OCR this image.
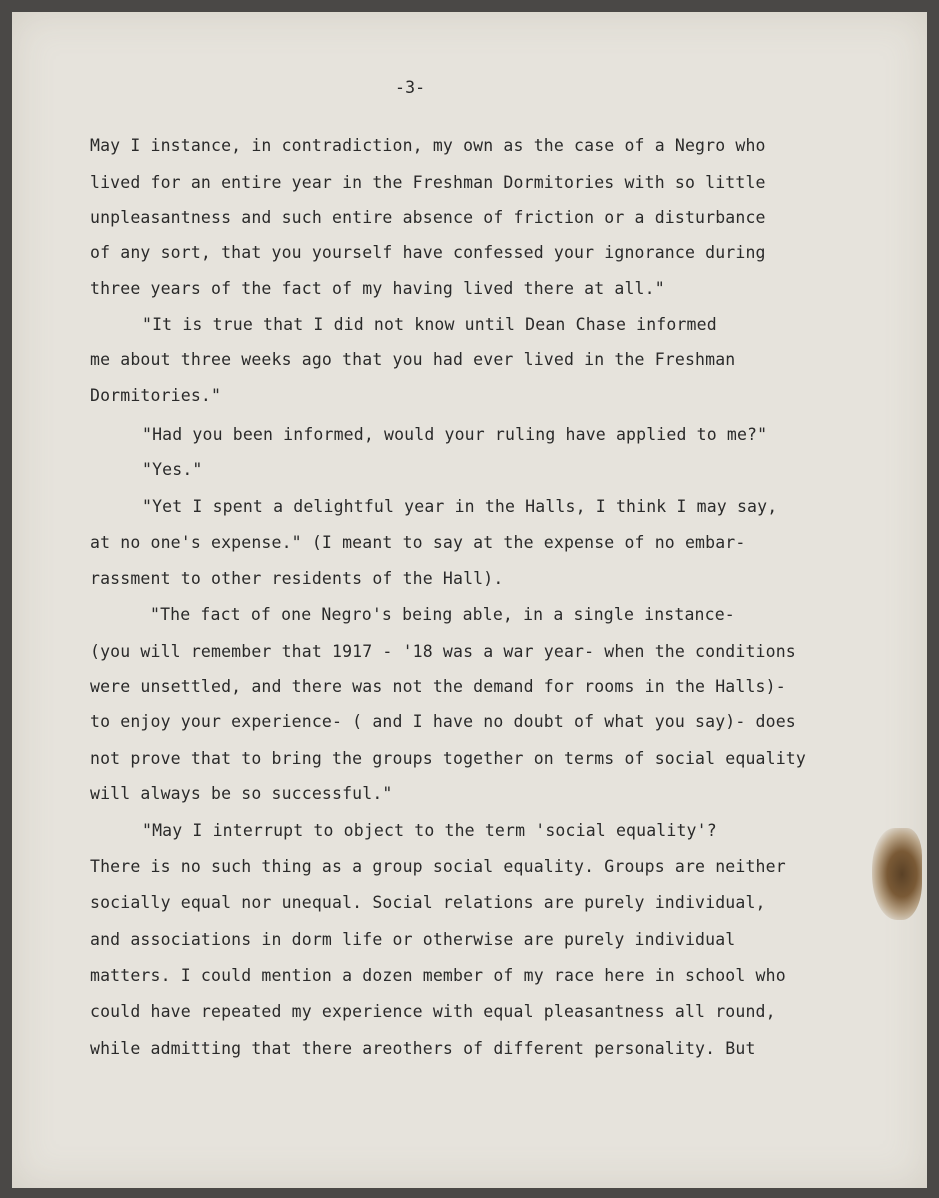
-3-

May I instance, in contradiction, my own as the case of a Negro who

lived for an entire year in the Freshman Dormitories with so little

unpleasantness and such entire absence of friction or a disturbance

of any sort, that you yourself have confessed your ignorance during

three years of the fact of my having lived there at all."

"It is true that I did not know until Dean Chase informed

me about three weeks ago that you had ever lived in the Freshman

Dormitories."

"Had you been informed, would your ruling have applied to me?"

"Yes."

"Yet I spent a delightful year in the Halls, I think I may say,

at no one's expense." (I meant to say at the expense of no embar-

rassment to other residents of the Hall).

"The fact of one Negro's being able, in a single instance-

(you will remember that 1917 - '18 was a war year- when the conditions

were unsettled, and there was not the demand for rooms in the Halls)-

to enjoy your experience- ( and I have no doubt of what you say)- does

not prove that to bring the groups together on terms of social equality

will always be so successful."

"May I interrupt to object to the term 'social equality'?

There is no such thing as a group social equality. Groups are neither

socially equal nor unequal. Social relations are purely individual,

and associations in dorm life or otherwise are purely individual

matters. I could mention a dozen member of my race here in school who

could have repeated my experience with equal pleasantness all round,

while admitting that there areothers of different personality. But
